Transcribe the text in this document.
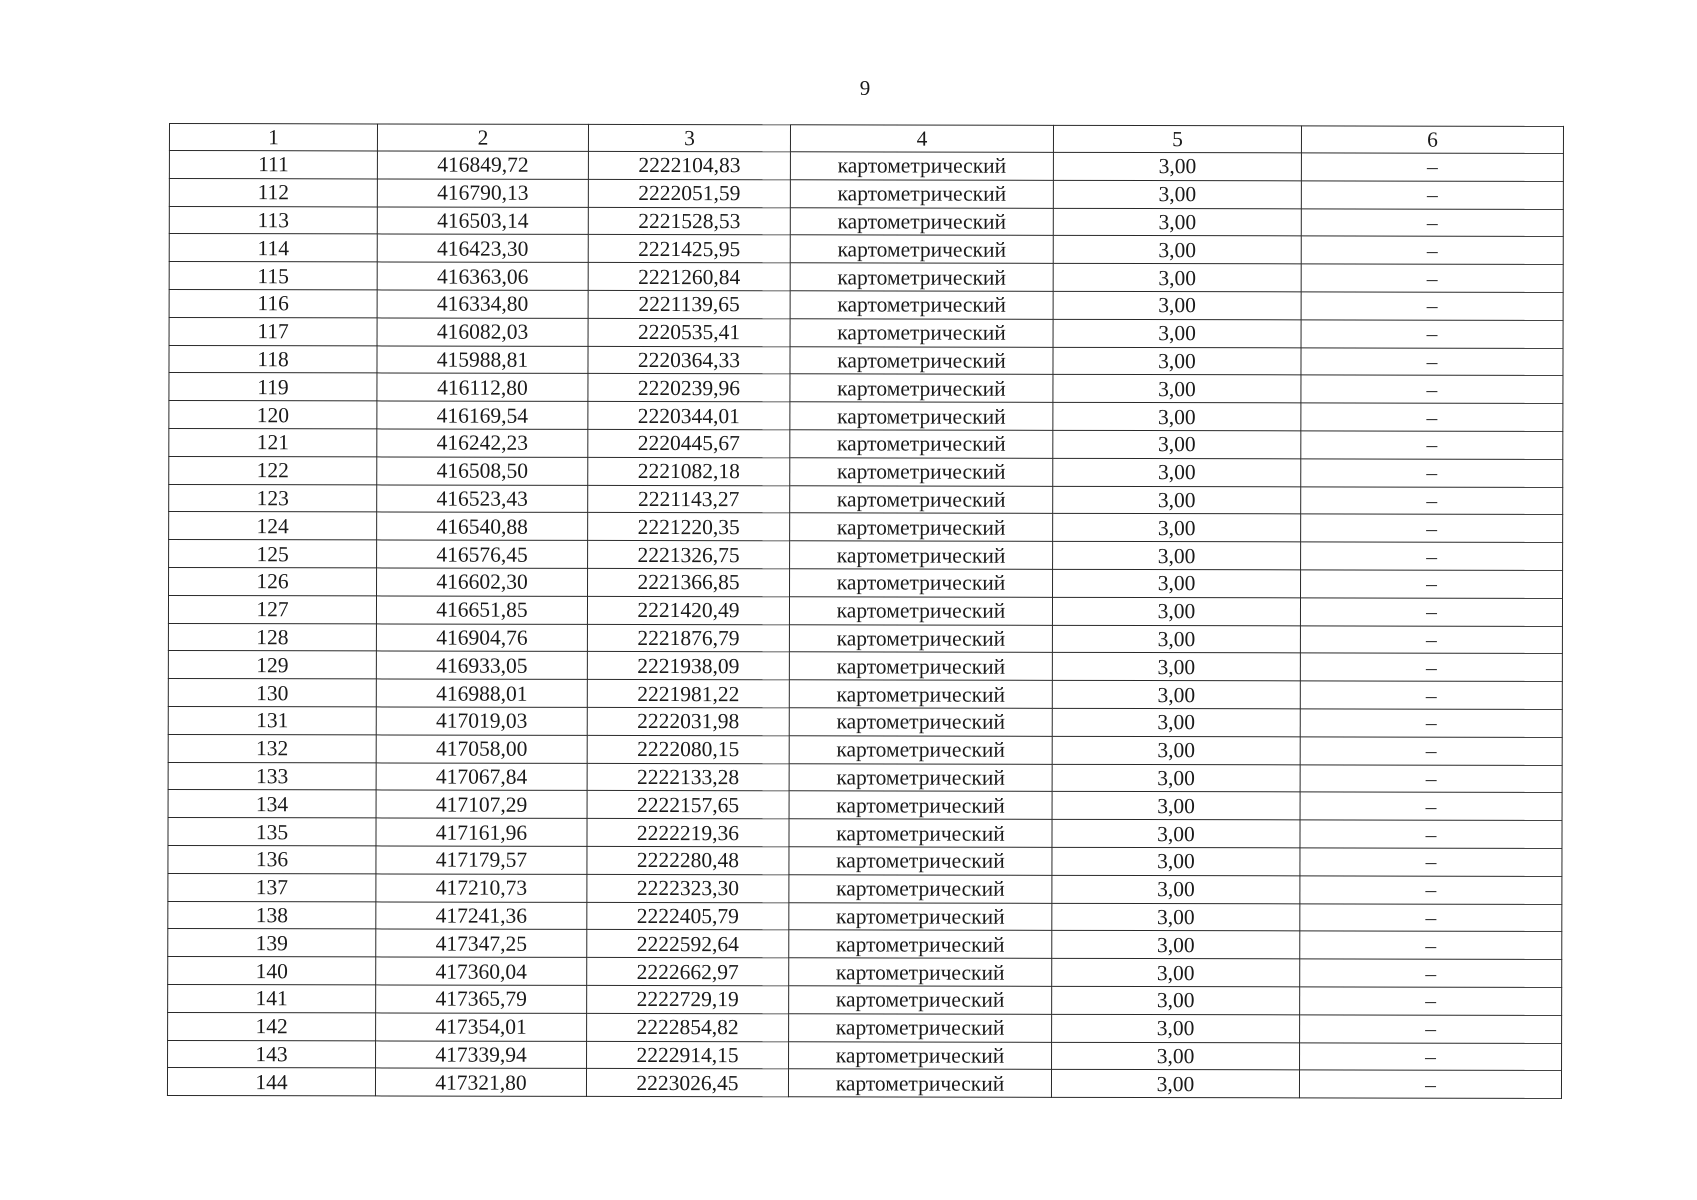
9
1	2	3	4	5	6
111	416849,72	2222104,83	картометрический	3,00	–
112	416790,13	2222051,59	картометрический	3,00	–
113	416503,14	2221528,53	картометрический	3,00	–
114	416423,30	2221425,95	картометрический	3,00	–
115	416363,06	2221260,84	картометрический	3,00	–
116	416334,80	2221139,65	картометрический	3,00	–
117	416082,03	2220535,41	картометрический	3,00	–
118	415988,81	2220364,33	картометрический	3,00	–
119	416112,80	2220239,96	картометрический	3,00	–
120	416169,54	2220344,01	картометрический	3,00	–
121	416242,23	2220445,67	картометрический	3,00	–
122	416508,50	2221082,18	картометрический	3,00	–
123	416523,43	2221143,27	картометрический	3,00	–
124	416540,88	2221220,35	картометрический	3,00	–
125	416576,45	2221326,75	картометрический	3,00	–
126	416602,30	2221366,85	картометрический	3,00	–
127	416651,85	2221420,49	картометрический	3,00	–
128	416904,76	2221876,79	картометрический	3,00	–
129	416933,05	2221938,09	картометрический	3,00	–
130	416988,01	2221981,22	картометрический	3,00	–
131	417019,03	2222031,98	картометрический	3,00	–
132	417058,00	2222080,15	картометрический	3,00	–
133	417067,84	2222133,28	картометрический	3,00	–
134	417107,29	2222157,65	картометрический	3,00	–
135	417161,96	2222219,36	картометрический	3,00	–
136	417179,57	2222280,48	картометрический	3,00	–
137	417210,73	2222323,30	картометрический	3,00	–
138	417241,36	2222405,79	картометрический	3,00	–
139	417347,25	2222592,64	картометрический	3,00	–
140	417360,04	2222662,97	картометрический	3,00	–
141	417365,79	2222729,19	картометрический	3,00	–
142	417354,01	2222854,82	картометрический	3,00	–
143	417339,94	2222914,15	картометрический	3,00	–
144	417321,80	2223026,45	картометрический	3,00	–
